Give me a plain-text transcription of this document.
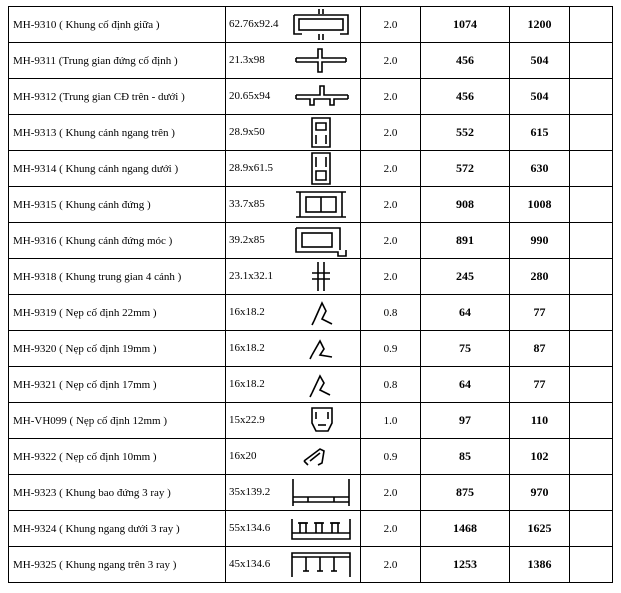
MH-9310 ( Khung cố định giữa )	62.76x92.4	2.0	1074	1200	
MH-9311 (Trung gian đứng cố định )	21.3x98	2.0	456	504	
MH-9312 (Trung gian CĐ trên - dưới )	20.65x94	2.0	456	504	
MH-9313 ( Khung cánh ngang trên )	28.9x50	2.0	552	615	
MH-9314 ( Khung cánh ngang dưới )	28.9x61.5	2.0	572	630	
MH-9315 ( Khung cánh đứng )	33.7x85	2.0	908	1008	
MH-9316 ( Khung cánh đứng móc )	39.2x85	2.0	891	990	
MH-9318 ( Khung trung gian 4 cánh )	23.1x32.1	2.0	245	280	
MH-9319 ( Nẹp cố định 22mm )	16x18.2	0.8	64	77	
MH-9320 ( Nẹp cố định 19mm )	16x18.2	0.9	75	87	
MH-9321 ( Nẹp cố định 17mm )	16x18.2	0.8	64	77	
MH-VH099 ( Nẹp cố định 12mm )	15x22.9	1.0	97	110	
MH-9322 ( Nẹp cố định 10mm )	16x20	0.9	85	102	
MH-9323 ( Khung bao đứng 3 ray )	35x139.2	2.0	875	970	
MH-9324 ( Khung ngang dưới 3 ray )	55x134.6	2.0	1468	1625	
MH-9325 ( Khung ngang trên 3 ray )	45x134.6	2.0	1253	1386	
